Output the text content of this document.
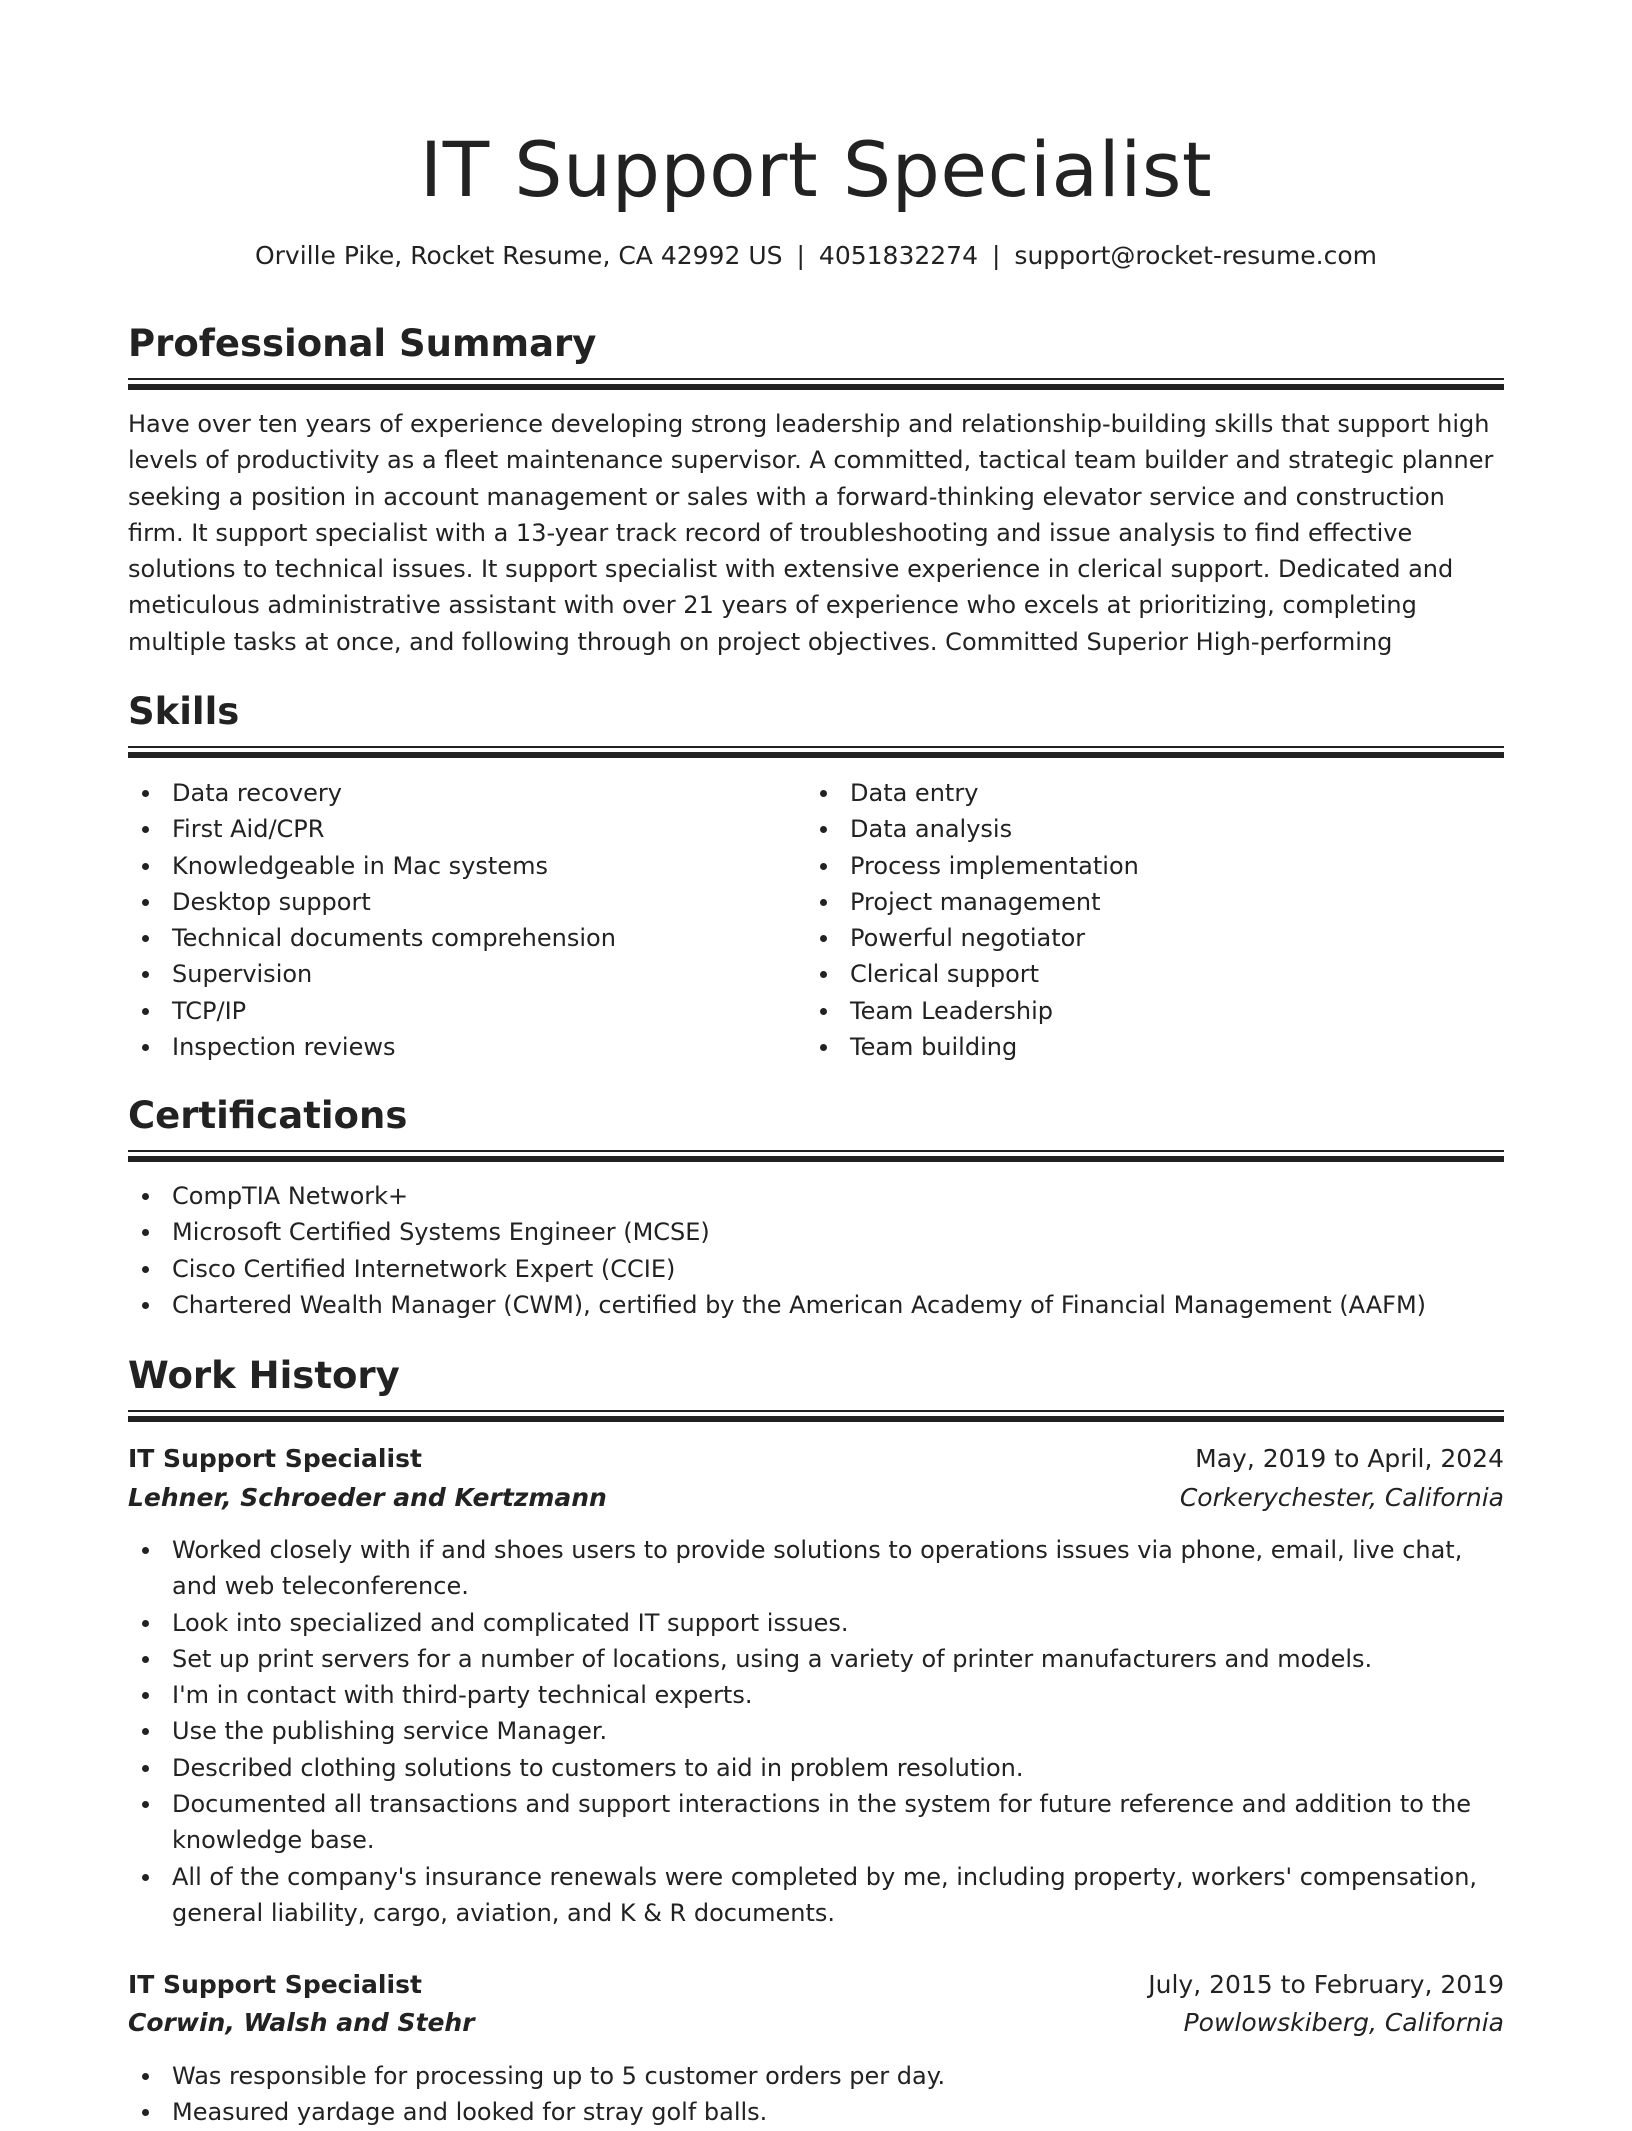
IT Support Specialist
Orville Pike, Rocket Resume, CA 42992 US | 4051832274 | support@rocket-resume.com
Professional Summary

Have over ten years of experience developing strong leadership and relationship-building skills that support high levels of productivity as a fleet maintenance supervisor. A committed, tactical team builder and strategic planner seeking a position in account management or sales with a forward-thinking elevator service and construction firm. It support specialist with a 13-year track record of troubleshooting and issue analysis to find effective solutions to technical issues. It support specialist with extensive experience in clerical support. Dedicated and meticulous administrative assistant with over 21 years of experience who excels at prioritizing, completing multiple tasks at once, and following through on project objectives. Committed Superior High-performing

Skills
Data recovery
First Aid/CPR
Knowledgeable in Mac systems
Desktop support
Technical documents comprehension
Supervision
TCP/IP
Inspection reviews
Data entry
Data analysis
Process implementation
Project management
Powerful negotiator
Clerical support
Team Leadership
Team building
Certifications
CompTIA Network+
Microsoft Certified Systems Engineer (MCSE)
Cisco Certified Internetwork Expert (CCIE)
Chartered Wealth Manager (CWM), certified by the American Academy of Financial Management (AAFM)
Work History
IT Support Specialist	May, 2019 to April, 2024
Lehner, Schroeder and Kertzmann	Corkerychester, California
Worked closely with if and shoes users to provide solutions to operations issues via phone, email, live chat, and web teleconference.
Look into specialized and complicated IT support issues.
Set up print servers for a number of locations, using a variety of printer manufacturers and models.
I'm in contact with third-party technical experts.
Use the publishing service Manager.
Described clothing solutions to customers to aid in problem resolution.
Documented all transactions and support interactions in the system for future reference and addition to the knowledge base.
All of the company's insurance renewals were completed by me, including property, workers' compensation, general liability, cargo, aviation, and K & R documents.
IT Support Specialist	July, 2015 to February, 2019
Corwin, Walsh and Stehr	Powlowskiberg, California
Was responsible for processing up to 5 customer orders per day.
Measured yardage and looked for stray golf balls.
